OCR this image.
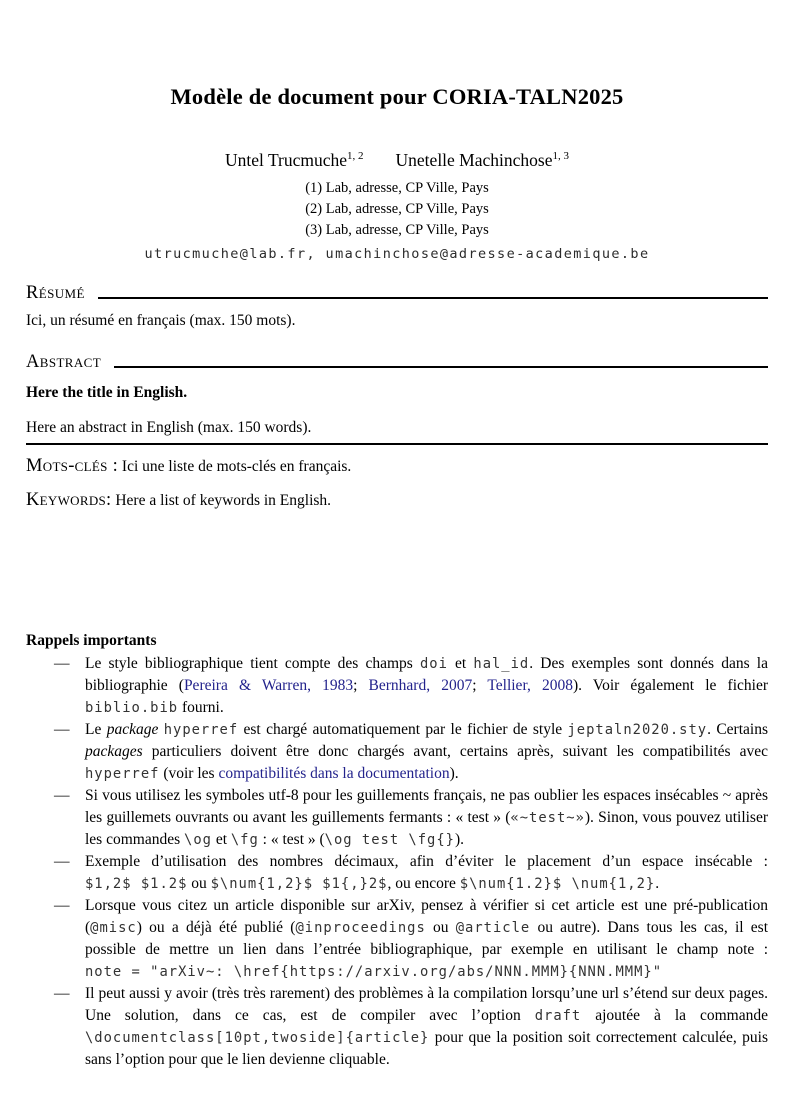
Modèle de document pour CORIA-TALN2025
Untel Trucmuche$^{1, 2}$ Unetelle Machinchose$^{1, 3}$
(1) Lab, adresse, CP Ville, Pays
(2) Lab, adresse, CP Ville, Pays
(3) Lab, adresse, CP Ville, Pays
utrucmuche@lab.fr, umachinchose@adresse-academique.be
Résumé
Ici, un résumé en français (max. 150 mots).
Abstract
Here the title in English.
Here an abstract in English (max. 150 words).
Mots-clés : Ici une liste de mots-clés en français.
Keywords: Here a list of keywords in English.
Rappels importants
— Le style bibliographique tient compte des champs doi et hal_id. Des exemples sont donnés dans la bibliographie (Pereira & Warren, 1983; Bernhard, 2007; Tellier, 2008). Voir également le fichier biblio.bib fourni.
— Le package hyperref est chargé automatiquement par le fichier de style jeptaln2020.sty. Certains packages particuliers doivent être donc chargés avant, certains après, suivant les compatibilités avec hyperref (voir les compatibilités dans la documentation).
— Si vous utilisez les symboles utf-8 pour les guillements français, ne pas oublier les espaces insécables ~ après les guillemets ouvrants ou avant les guillements fermants : « test » («~test~»). Sinon, vous pouvez utiliser les commandes \og et \fg : « test » (\og test \fg{}).
— Exemple d’utilisation des nombres décimaux, afin d’éviter le placement d’un espace insécable : $1,2$ $1.2$ ou $\num{1,2}$ $1{,}2$, ou encore $\num{1.2}$ \num{1,2}.
— Lorsque vous citez un article disponible sur arXiv, pensez à vérifier si cet article est une pré-publication (@misc) ou a déjà été publié (@inproceedings ou @article ou autre). Dans tous les cas, il est possible de mettre un lien dans l’entrée bibliographique, par exemple en utilisant le champ note : note = "arXiv~: \href{https://arxiv.org/abs/NNN.MMM}{NNN.MMM}"
— Il peut aussi y avoir (très très rarement) des problèmes à la compilation lorsqu’une url s’étend sur deux pages. Une solution, dans ce cas, est de compiler avec l’option draft ajoutée à la commande \documentclass[10pt,twoside]{article} pour que la position soit correctement calculée, puis sans l’option pour que le lien devienne cliquable.
